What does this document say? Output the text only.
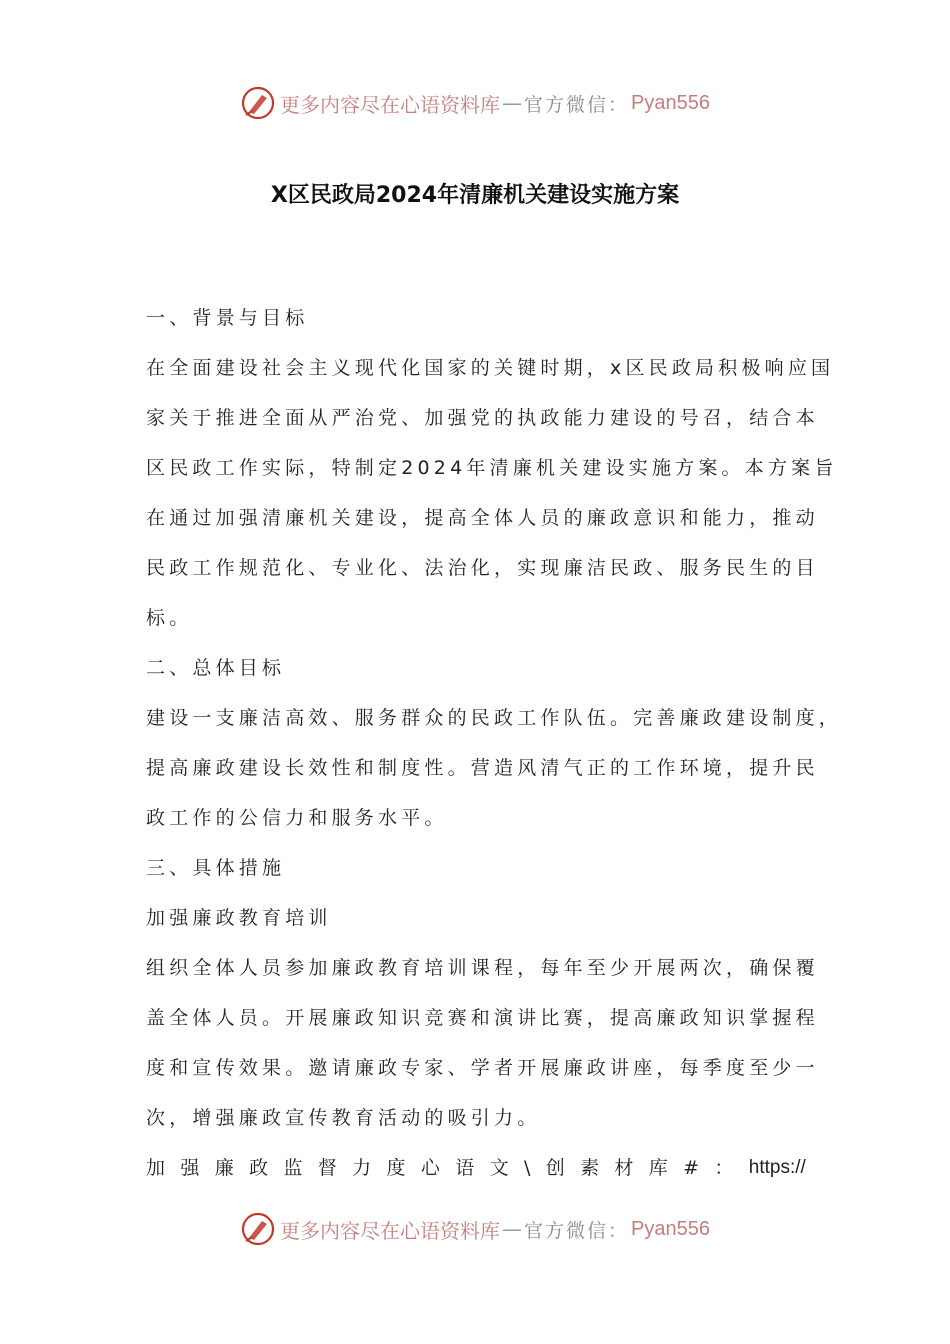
更多内容尽在心语资料库 — 官方微信： Pyan556
X区民政局2024年清廉机关建设实施方案
一、背景与目标
在全面建设社会主义现代化国家的关键时期，x区民政局积极响应国
家关于推进全面从严治党、加强党的执政能力建设的号召，结合本
区民政工作实际，特制定2024年清廉机关建设实施方案。本方案旨
在通过加强清廉机关建设，提高全体人员的廉政意识和能力，推动
民政工作规范化、专业化、法治化，实现廉洁民政、服务民生的目
标。
二、总体目标
建设一支廉洁高效、服务群众的民政工作队伍。完善廉政建设制度，
提高廉政建设长效性和制度性。营造风清气正的工作环境，提升民
政工作的公信力和服务水平。
三、具体措施
加强廉政教育培训
组织全体人员参加廉政教育培训课程，每年至少开展两次，确保覆
盖全体人员。开展廉政知识竞赛和演讲比赛，提高廉政知识掌握程
度和宣传效果。邀请廉政专家、学者开展廉政讲座，每季度至少一
次，增强廉政宣传教育活动的吸引力。
加 强 廉 政 监 督 力 度 心 语 文 \ 创 素 材 库 # ： https://
更多内容尽在心语资料库 — 官方微信： Pyan556
